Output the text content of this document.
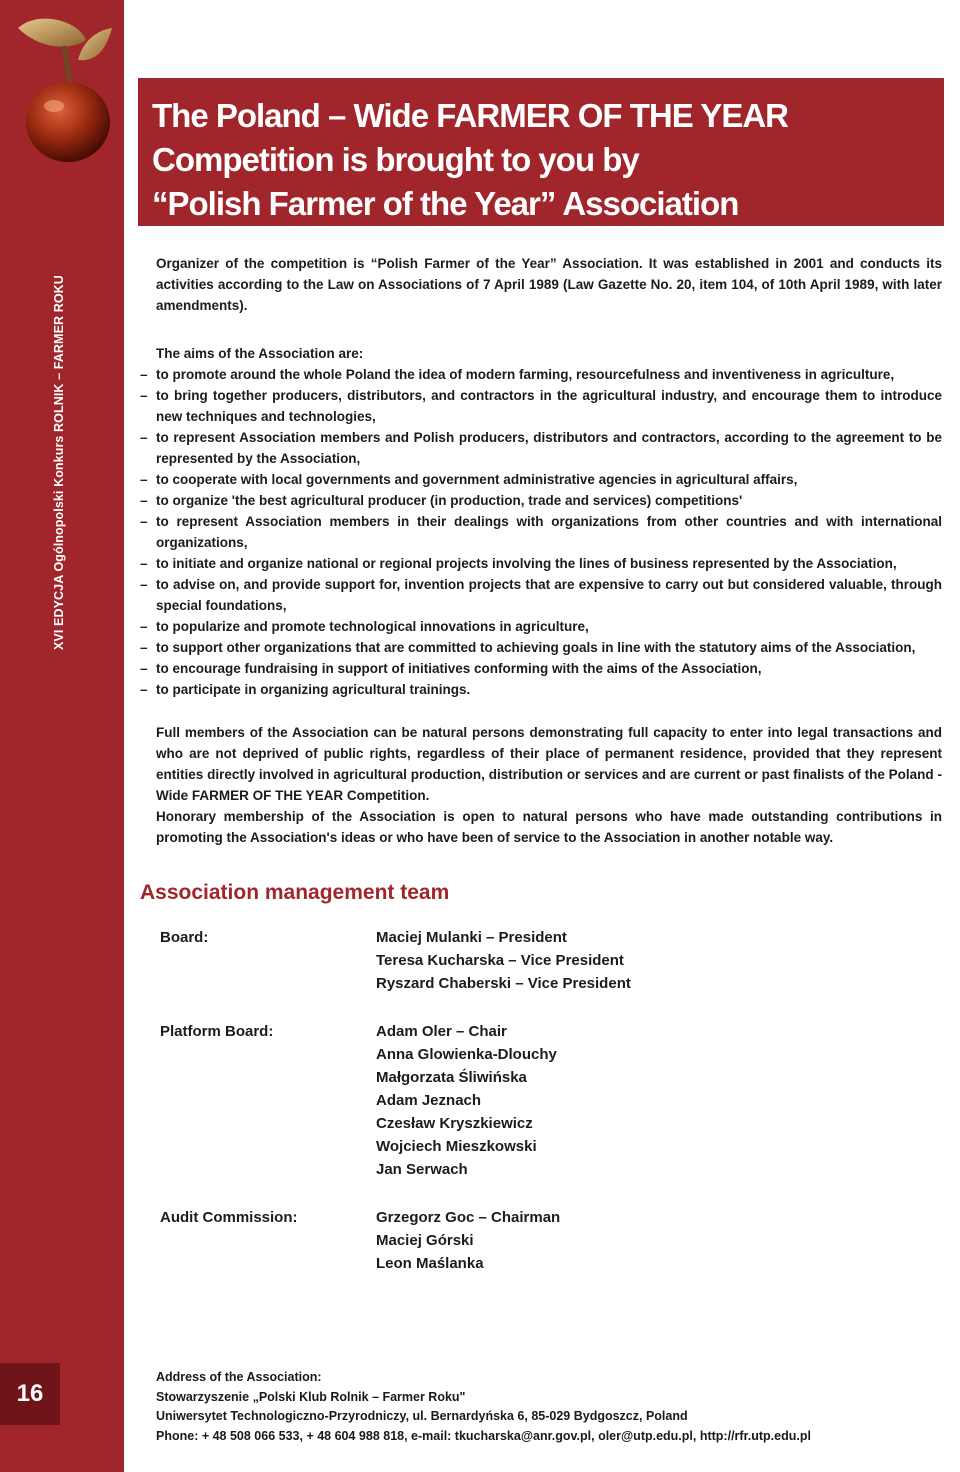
XVI EDYCJA Ogólnopolski Konkurs ROLNIK – FARMER ROKU
16
The Poland – Wide FARMER OF THE YEAR
Competition is brought to you by
“Polish Farmer of the Year” Association

Organizer of the competition is “Polish Farmer of the Year” Association. It was established in 2001 and conducts its activities according to the Law on Associations of 7 April 1989 (Law Gazette No. 20, item 104, of 10th April 1989, with later amendments).

The aims of the Association are:
– to promote around the whole Poland the idea of modern farming, resourcefulness and inventiveness in agriculture,
– to bring together producers, distributors, and contractors in the agricultural industry, and encourage them to introduce new techniques and technologies,
– to represent Association members and Polish producers, distributors and contractors, according to the agreement to be represented by the Association,
– to cooperate with local governments and government administrative agencies in agricultural affairs,
– to organize 'the best agricultural producer (in production, trade and services) competitions'
– to represent Association members in their dealings with organizations from other countries and with international organizations,
– to initiate and organize national or regional projects involving the lines of business represented by the Association,
– to advise on, and provide support for, invention projects that are expensive to carry out but considered valuable, through special foundations,
– to popularize and promote technological innovations in agriculture,
– to support other organizations that are committed to achieving goals in line with the statutory aims of the Association,
– to encourage fundraising in support of initiatives conforming with the aims of the Association,
– to participate in organizing agricultural trainings.

Full members of the Association can be natural persons demonstrating full capacity to enter into legal transactions and who are not deprived of public rights, regardless of their place of permanent residence, provided that they represent entities directly involved in agricultural production, distribution or services and are current or past finalists of the Poland - Wide FARMER OF THE YEAR Competition.

Honorary membership of the Association is open to natural persons who have made outstanding contributions in promoting the Association's ideas or who have been of service to the Association in another notable way.

Association management team
Board:	Maciej Mulanki – President
Teresa Kucharska – Vice President
Ryszard Chaberski – Vice President
Platform Board:	Adam Oler – Chair
Anna Glowienka-Dlouchy
Małgorzata Śliwińska
Adam Jeznach
Czesław Kryszkiewicz
Wojciech Mieszkowski
Jan Serwach
Audit Commission:	Grzegorz Goc – Chairman
Maciej Górski
Leon Maślanka
Address of the Association:
Stowarzyszenie „Polski Klub Rolnik – Farmer Roku"
Uniwersytet Technologiczno-Przyrodniczy, ul. Bernardyńska 6, 85-029 Bydgoszcz, Poland
Phone: + 48 508 066 533, + 48 604 988 818, e-mail: tkucharska@anr.gov.pl, oler@utp.edu.pl, http://rfr.utp.edu.pl
